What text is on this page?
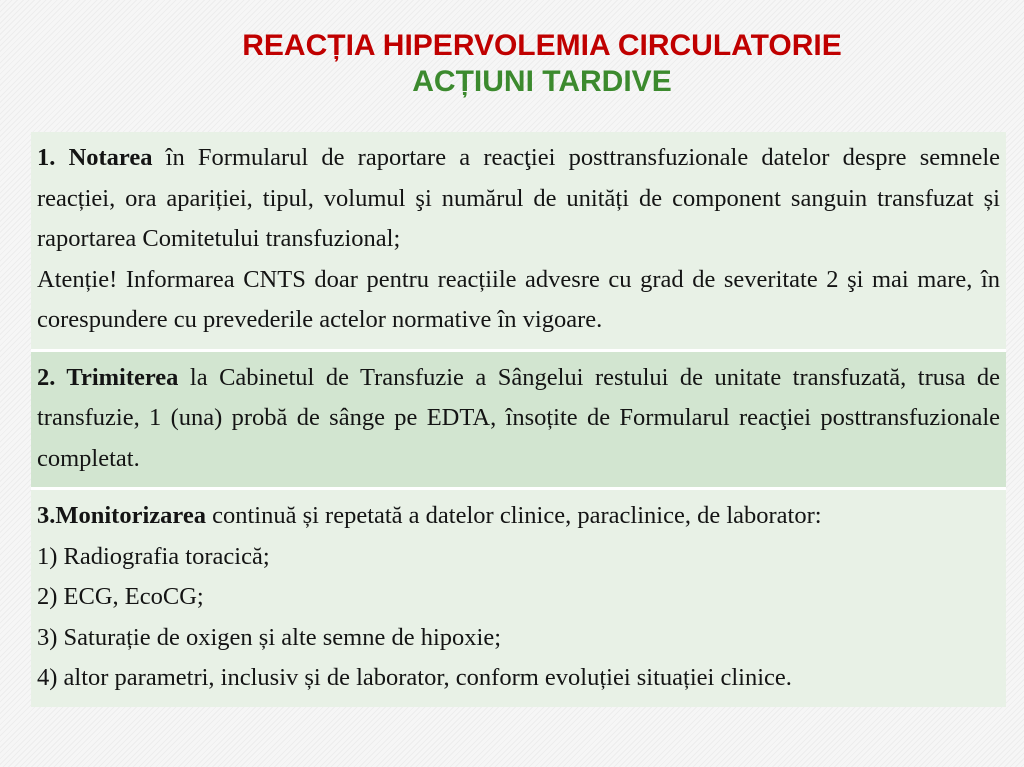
REACȚIA HIPERVOLEMIA CIRCULATORIE
ACȚIUNI TARDIVE
1. Notarea în Formularul de raportare a reacţiei posttransfuzionale datelor despre semnele reacției, ora apariției, tipul, volumul şi numărul de unități de component sanguin transfuzat și raportarea Comitetului transfuzional;
Atenție! Informarea CNTS doar pentru reacțiile advesre cu grad de severitate 2 şi mai mare, în corespundere cu prevederile actelor normative în vigoare.
2. Trimiterea la Cabinetul de Transfuzie a Sângelui restului de unitate transfuzată, trusa de transfuzie, 1 (una) probă de sânge pe EDTA, însoțite de Formularul reacţiei posttransfuzionale completat.
3.Monitorizarea continuă și repetată a datelor clinice, paraclinice, de laborator:
1) Radiografia toracică;
2) ECG, EcoCG;
3) Saturație de oxigen și alte semne de hipoxie;
4) altor parametri, inclusiv și de laborator, conform evoluției situației clinice.
